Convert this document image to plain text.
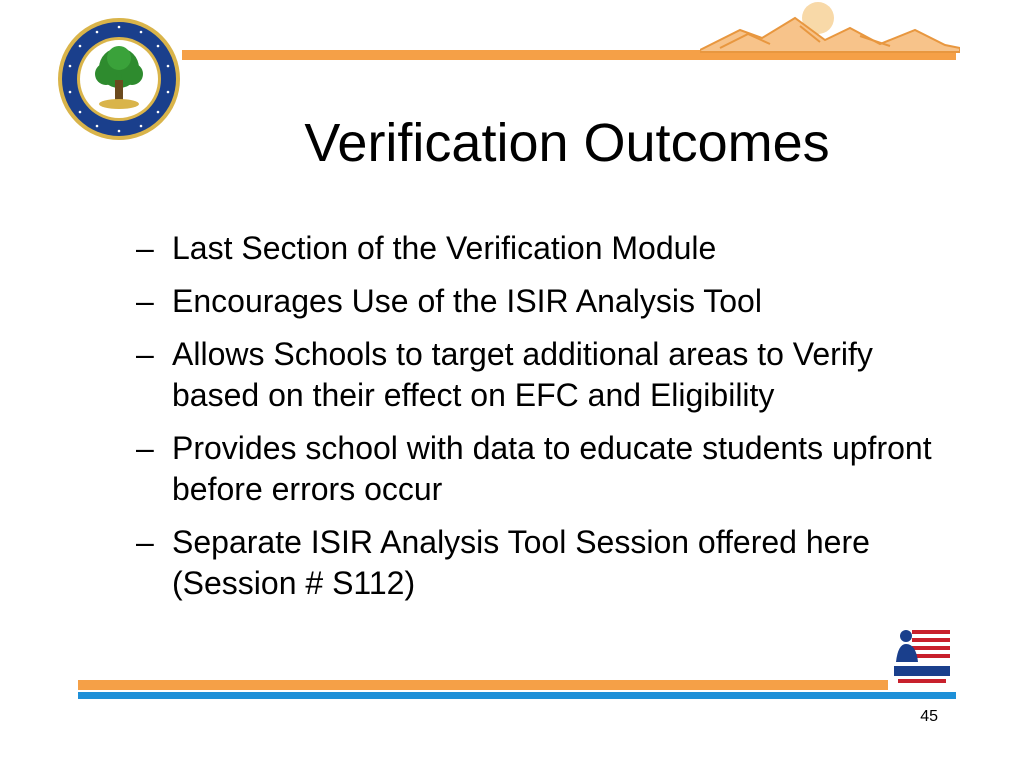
Verification Outcomes
– Last Section of the Verification Module
– Encourages Use of the ISIR Analysis Tool
– Allows Schools to target additional areas to Verify based on their effect on EFC and Eligibility
– Provides school with data to educate students upfront before errors occur
– Separate ISIR Analysis Tool Session offered here (Session # S112)
45
